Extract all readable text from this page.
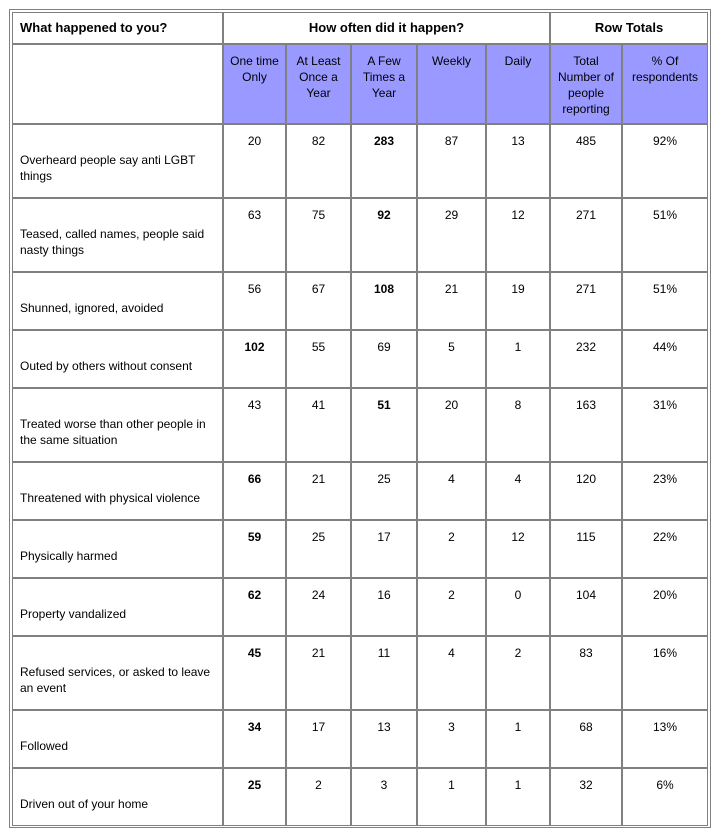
What happened to you?	How often did it happen?					Row Totals	
	One time Only	At Least Once a Year	A Few Times a Year	Weekly	Daily	Total Number of people reporting	% Of respondents
Overheard people say anti LGBT things	20	82	283	87	13	485	92%
Teased, called names, people said nasty things	63	75	92	29	12	271	51%
Shunned, ignored, avoided	56	67	108	21	19	271	51%
Outed by others without consent	102	55	69	5	1	232	44%
Treated worse than other people in the same situation	43	41	51	20	8	163	31%
Threatened with physical violence	66	21	25	4	4	120	23%
Physically harmed	59	25	17	2	12	115	22%
Property vandalized	62	24	16	2	0	104	20%
Refused services, or asked to leave an event	45	21	11	4	2	83	16%
Followed	34	17	13	3	1	68	13%
Driven out of your home	25	2	3	1	1	32	6%
